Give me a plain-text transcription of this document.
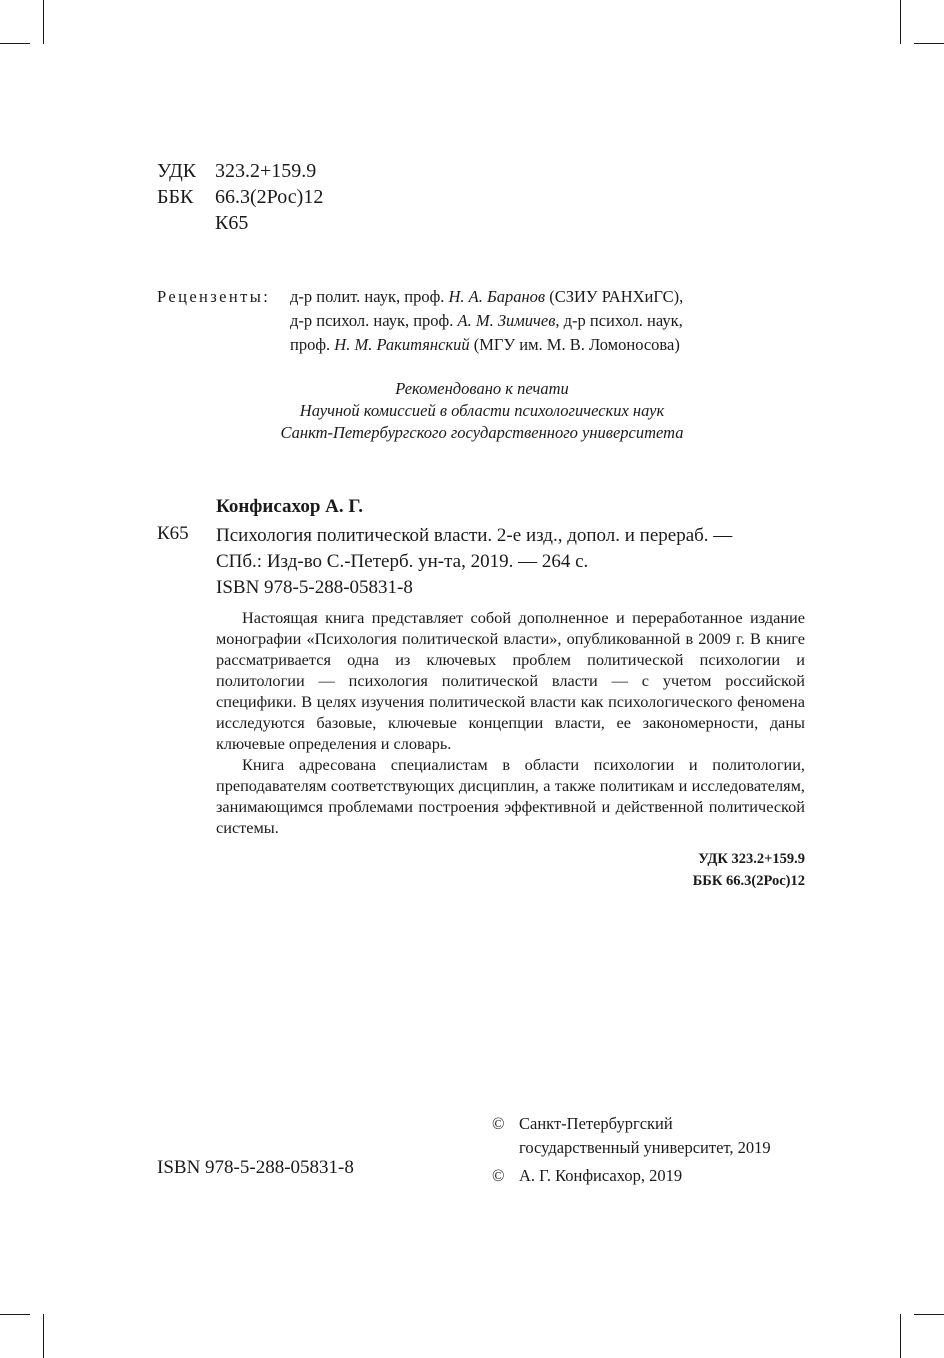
УДК 323.2+159.9
ББК	66.3(2Рос)12
К65
Рецензенты: д-р полит. наук, проф. Н. А. Баранов (СЗИУ РАНХиГС),
д-р психол. наук, проф. А. М. Зимичев, д-р психол. наук,
проф. Н. М. Ракитянский (МГУ им. М. В. Ломоносова)
Рекомендовано к печати
Научной комиссией в области психологических наук
Санкт-Петербургского государственного университета
Конфисахор А. Г.
К65 Психология политической власти. 2-е изд., допол. и перераб. —
СПб.: Изд-во С.-Петерб. ун-та, 2019. — 264 с.
ISBN 978-5-288-05831-8

Настоящая книга представляет собой дополненное и переработанное издание монографии «Психология политической власти», опубликованной в 2009 г. В книге рассматривается одна из ключевых проблем политической психологии и политологии — психология политической власти — с учетом российской специфики. В целях изучения политической власти как психологического феномена исследуются базовые, ключевые концепции власти, ее закономерности, даны ключевые определения и словарь.

Книга адресована специалистам в области психологии и политологии, преподавателям соответствующих дисциплин, а также политикам и исследователям, занимающимся проблемами построения эффективной и действенной политической системы.

УДК 323.2+159.9
ББК 66.3(2Рос)12
ISBN 978-5-288-05831-8
© Санкт-Петербургский
государственный университет, 2019
© А. Г. Конфисахор, 2019
